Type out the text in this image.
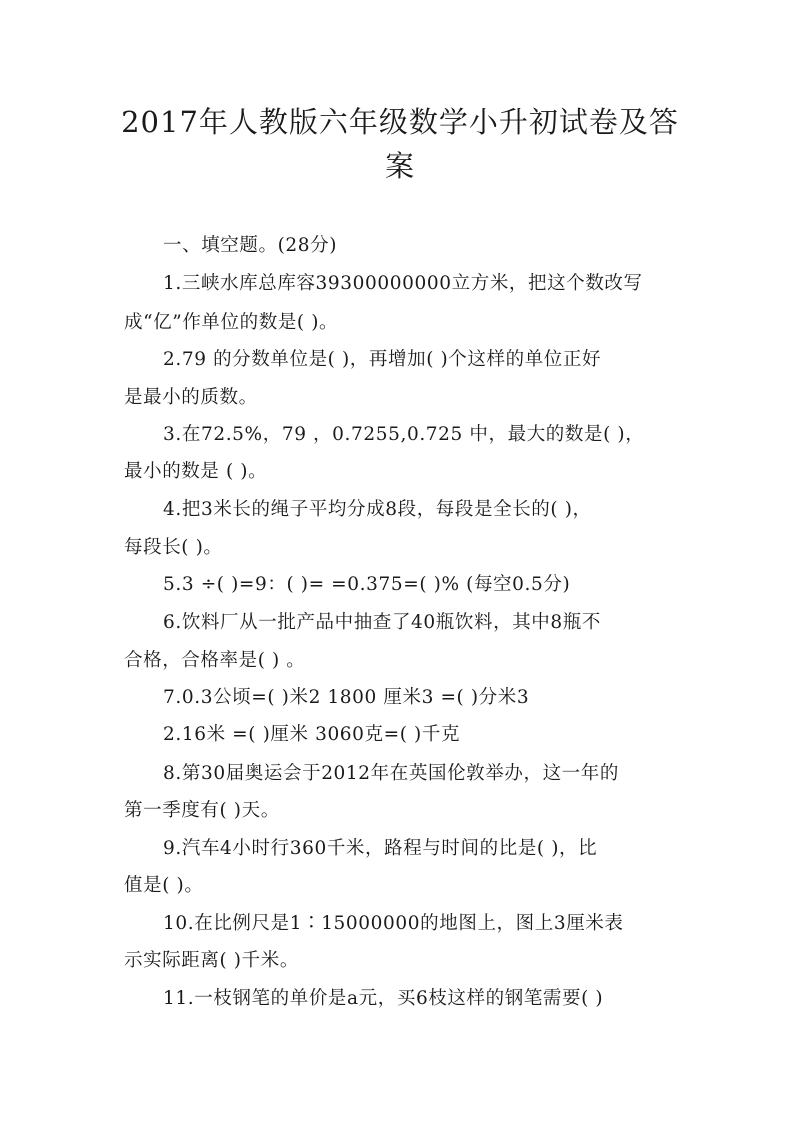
2017年人教版六年级数学小升初试卷及答
案
一、填空题。(28分)
1.三峡水库总库容39300000000立方米，把这个数改写
成“亿”作单位的数是( )。
2.79 的分数单位是( )，再增加( )个这样的单位正好
是最小的质数。
3.在72.5%，79 ，0.7255,0.725 中，最大的数是( )，
最小的数是 ( )。
4.把3米长的绳子平均分成8段，每段是全长的( )，
每段长( )。
5.3 ÷( )=9：( )= =0.375=( )% (每空0.5分)
6.饮料厂从一批产品中抽查了40瓶饮料，其中8瓶不
合格，合格率是( ) 。
7.0.3公顷=( )米2 1800 厘米3 =( )分米3
2.16米 =( )厘米 3060克=( )千克
8.第30届奥运会于2012年在英国伦敦举办，这一年的
第一季度有( )天。
9.汽车4小时行360千米，路程与时间的比是( )，比
值是( )。
10.在比例尺是1∶15000000的地图上，图上3厘米表
示实际距离( )千米。
11.一枝钢笔的单价是a元，买6枝这样的钢笔需要( )
